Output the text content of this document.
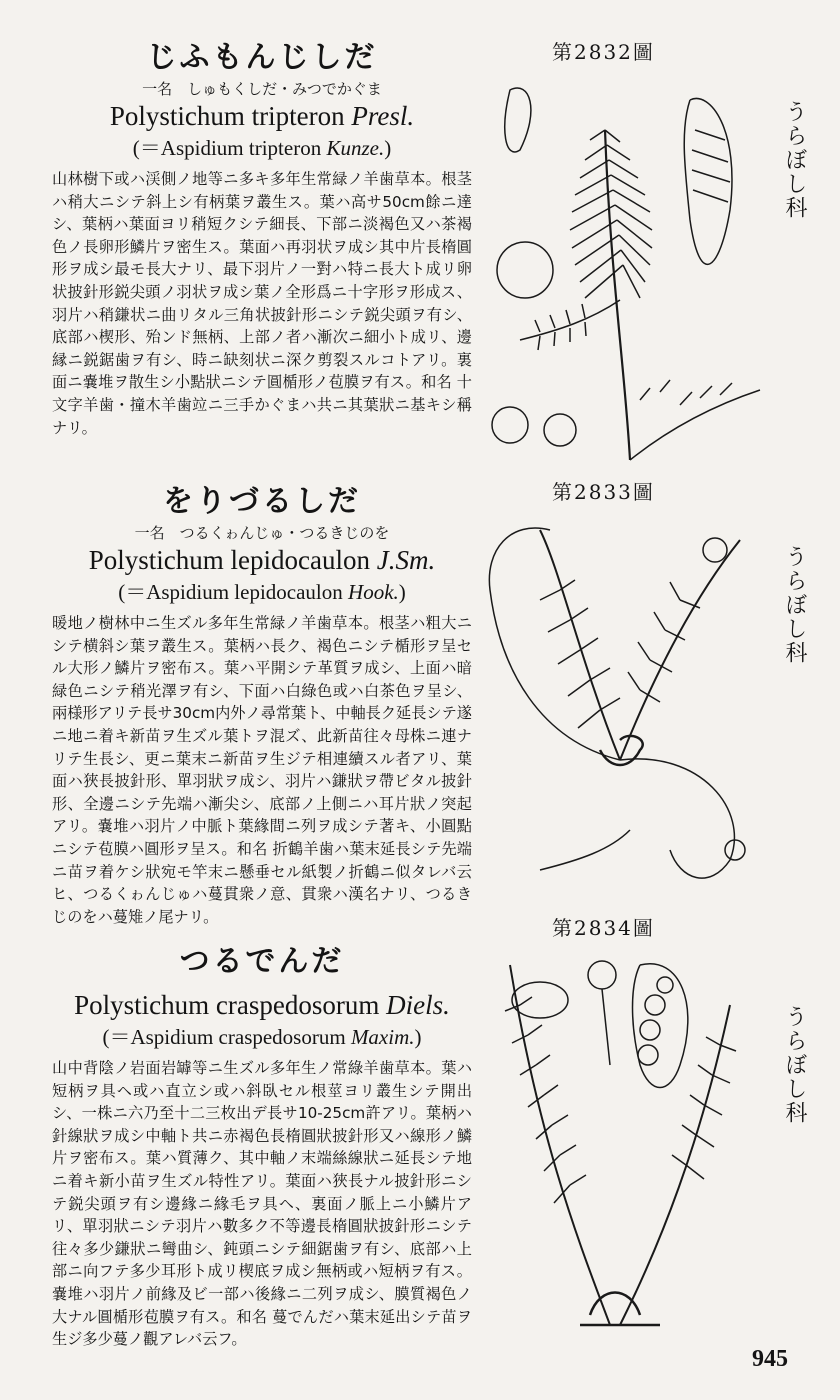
じふもんじしだ

一名　しゅもくしだ・みつでかぐま

Polystichum tripteron Presl.

(＝Aspidium tripteron Kunze.)

山林樹下或ハ渓側ノ地等ニ多キ多年生常緑ノ羊歯草本。根茎ハ稍大ニシテ斜上シ有柄葉ヲ叢生ス。葉ハ高サ50cm餘ニ達シ、葉柄ハ葉面ヨリ稍短クシテ細長、下部ニ淡褐色又ハ茶褐色ノ長卵形鱗片ヲ密生ス。葉面ハ再羽状ヲ成シ其中片長楕圓形ヲ成シ最モ長大ナリ、最下羽片ノ一對ハ特ニ長大ト成リ卵状披針形鋭尖頭ノ羽状ヲ成シ葉ノ全形爲ニ十字形ヲ形成ス、羽片ハ稍鎌状ニ曲リタル三角状披針形ニシテ鋭尖頭ヲ有シ、底部ハ楔形、殆ンド無柄、上部ノ者ハ漸次ニ細小ト成リ、邊縁ニ鋭鋸歯ヲ有シ、時ニ缺刻状ニ深ク剪裂スルコトアリ。裏面ニ嚢堆ヲ散生シ小點狀ニシテ圓楯形ノ苞膜ヲ有ス。和名 十文字羊歯・撞木羊歯竝ニ三手かぐまハ共ニ其葉狀ニ基キシ稱ナリ。

をりづるしだ

一名　つるくゎんじゅ・つるきじのを

Polystichum lepidocaulon J.Sm.

(＝Aspidium lepidocaulon Hook.)

暖地ノ樹林中ニ生ズル多年生常緑ノ羊歯草本。根茎ハ粗大ニシテ横斜シ葉ヲ叢生ス。葉柄ハ長ク、褐色ニシテ楯形ヲ呈セル大形ノ鱗片ヲ密布ス。葉ハ平開シテ革質ヲ成シ、上面ハ暗緑色ニシテ稍光澤ヲ有シ、下面ハ白綠色或ハ白茶色ヲ呈シ、兩様形アリテ長サ30cm内外ノ尋常葉ト、中軸長ク延長シテ遂ニ地ニ着キ新苗ヲ生ズル葉トヲ混ズ、此新苗往々母株ニ連ナリテ生長シ、更ニ葉末ニ新苗ヲ生ジテ相連續スル者アリ、葉面ハ狹長披針形、單羽狀ヲ成シ、羽片ハ鎌狀ヲ帶ビタル披針形、全邊ニシテ先端ハ漸尖シ、底部ノ上側ニハ耳片狀ノ突起アリ。嚢堆ハ羽片ノ中脈ト葉緣間ニ列ヲ成シテ著キ、小圓點ニシテ苞膜ハ圓形ヲ呈ス。和名 折鶴羊歯ハ葉末延長シテ先端ニ苗ヲ着ケシ狀宛モ竿末ニ懸垂セル紙製ノ折鶴ニ似タレバ云ヒ、つるくゎんじゅハ蔓貫衆ノ意、貫衆ハ漢名ナリ、つるきじのをハ蔓雉ノ尾ナリ。

つるでんだ

Polystichum craspedosorum Diels.

(＝Aspidium craspedosorum Maxim.)

山中背陰ノ岩面岩罅等ニ生ズル多年生ノ常綠羊歯草本。葉ハ短柄ヲ具ヘ或ハ直立シ或ハ斜臥セル根莖ヨリ叢生シテ開出シ、一株ニ六乃至十二三枚出デ長サ10-25cm許アリ。葉柄ハ針線狀ヲ成シ中軸ト共ニ赤褐色長楕圓狀披針形又ハ線形ノ鱗片ヲ密布ス。葉ハ質薄ク、其中軸ノ末端絲線狀ニ延長シテ地ニ着キ新小苗ヲ生ズル特性アリ。葉面ハ狹長ナル披針形ニシテ鋭尖頭ヲ有シ邊緣ニ緣毛ヲ具ヘ、裏面ノ脈上ニ小鱗片アリ、單羽狀ニシテ羽片ハ數多ク不等邊長楕圓狀披針形ニシテ往々多少鎌狀ニ彎曲シ、鈍頭ニシテ細鋸歯ヲ有シ、底部ハ上部ニ向フテ多少耳形ト成リ楔底ヲ成シ無柄或ハ短柄ヲ有ス。嚢堆ハ羽片ノ前緣及ビ一部ハ後緣ニ二列ヲ成シ、膜質褐色ノ大ナル圓楯形苞膜ヲ有ス。和名 蔓でんだハ葉末延出シテ苗ヲ生ジ多少蔓ノ觀アレバ云フ。

第2832圖
第2833圖
第2834圖
うらぼし科
うらぼし科
うらぼし科
945
